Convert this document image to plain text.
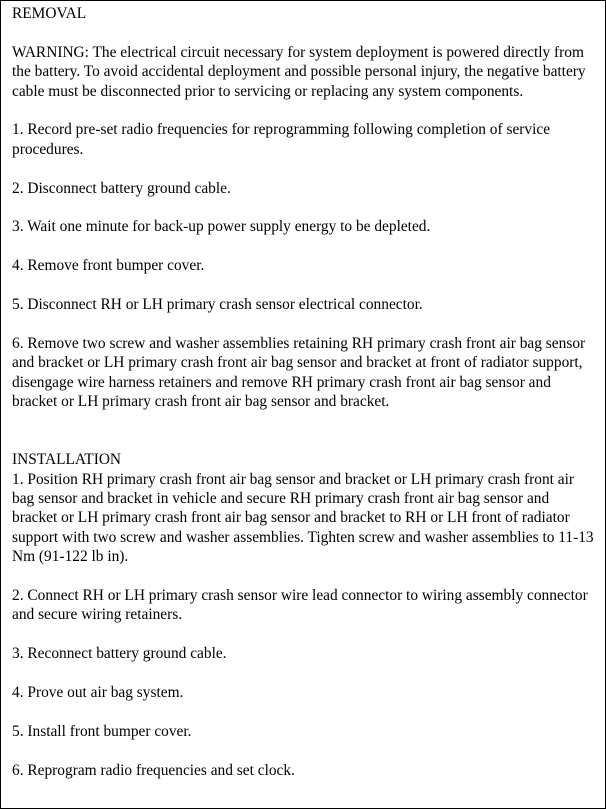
REMOVAL

WARNING: The electrical circuit necessary for system deployment is powered directly from the battery. To avoid accidental deployment and possible personal injury, the negative battery cable must be disconnected prior to servicing or replacing any system components.

1. Record pre-set radio frequencies for reprogramming following completion of service procedures.

2. Disconnect battery ground cable.

3. Wait one minute for back-up power supply energy to be depleted.

4. Remove front bumper cover.

5. Disconnect RH or LH primary crash sensor electrical connector.

6. Remove two screw and washer assemblies retaining RH primary crash front air bag sensor and bracket or LH primary crash front air bag sensor and bracket at front of radiator support, disengage wire harness retainers and remove RH primary crash front air bag sensor and bracket or LH primary crash front air bag sensor and bracket.

INSTALLATION

1. Position RH primary crash front air bag sensor and bracket or LH primary crash front air bag sensor and bracket in vehicle and secure RH primary crash front air bag sensor and bracket or LH primary crash front air bag sensor and bracket to RH or LH front of radiator support with two screw and washer assemblies. Tighten screw and washer assemblies to 11-13 Nm (91-122 lb in).

2. Connect RH or LH primary crash sensor wire lead connector to wiring assembly connector and secure wiring retainers.

3. Reconnect battery ground cable.

4. Prove out air bag system.

5. Install front bumper cover.

6. Reprogram radio frequencies and set clock.
